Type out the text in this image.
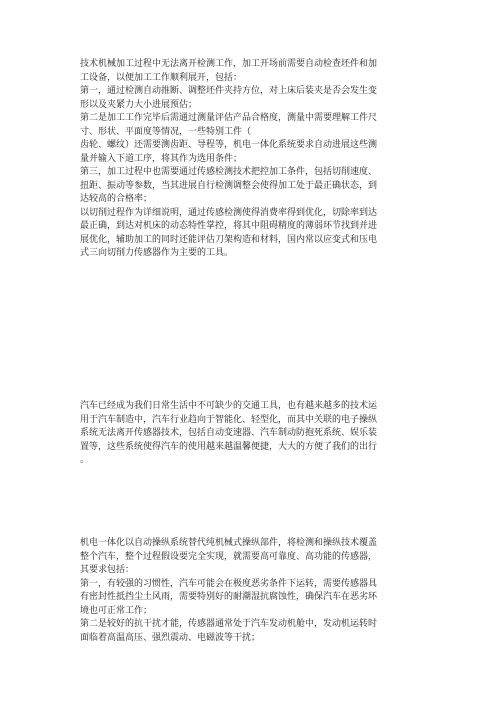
技术机械加工过程中无法离开检测工作，加工开场前需要自动检查坯件和加
工设备，以便加工工作顺利展开，包括：
第一，通过检测自动推断、调整坯件夹持方位，对上床后装夹是否会发生变
形以及夹紧力大小进展预估；
第二是加工工作完毕后需通过测量评估产品合格度，测量中需要理解工件尺
寸、形状、平面度等情况，一些特别工件（
齿轮、螺纹）还需要测齿距、导程等，机电一体化系统要求自动进展这些测
量并输入下道工序，将其作为选用条件；
第三，加工过程中也需要通过传感检测技术把控加工条件，包括切削速度、
扭距、振动等参数，当其进展自行检测调整会使得加工处于最正确状态，到
达较高的合格率；
以切削过程作为详细说明，通过传感检测使得消费率得到优化，切除率到达
最正确，到达对机床的动态特性掌控，将其中阻碍精度的薄弱环节找到并进
展优化，辅助加工的同时还能评估刀架构造和材料，国内常以应变式和压电
式三向切削力传感器作为主要的工具。
汽车已经成为我们日常生活中不可缺少的交通工具，也有越来越多的技术运
用于汽车制造中，汽车行业趋向于智能化、轻型化，而其中关联的电子操纵
系统无法离开传感器技术，包括自动变速器、汽车制动防抱死系统、娱乐装
置等，这些系统使得汽车的使用越来越温馨便捷，大大的方便了我们的出行
。
机电一体化以自动操纵系统替代纯机械式操纵部件，将检测和操纵技术覆盖
整个汽车，整个过程假设要完全实现，就需要高可靠度、高功能的传感器，
其要求包括：
第一，有较强的习惯性，汽车可能会在极度恶劣条件下运转，需要传感器具
有密封性抵挡尘土风雨，需要特别好的耐潮湿抗腐蚀性，确保汽车在恶劣环
境也可正常工作；
第二是较好的抗干扰才能，传感器通常处于汽车发动机舱中，发动机运转时
面临着高温高压、强烈震动、电磁波等干扰；
